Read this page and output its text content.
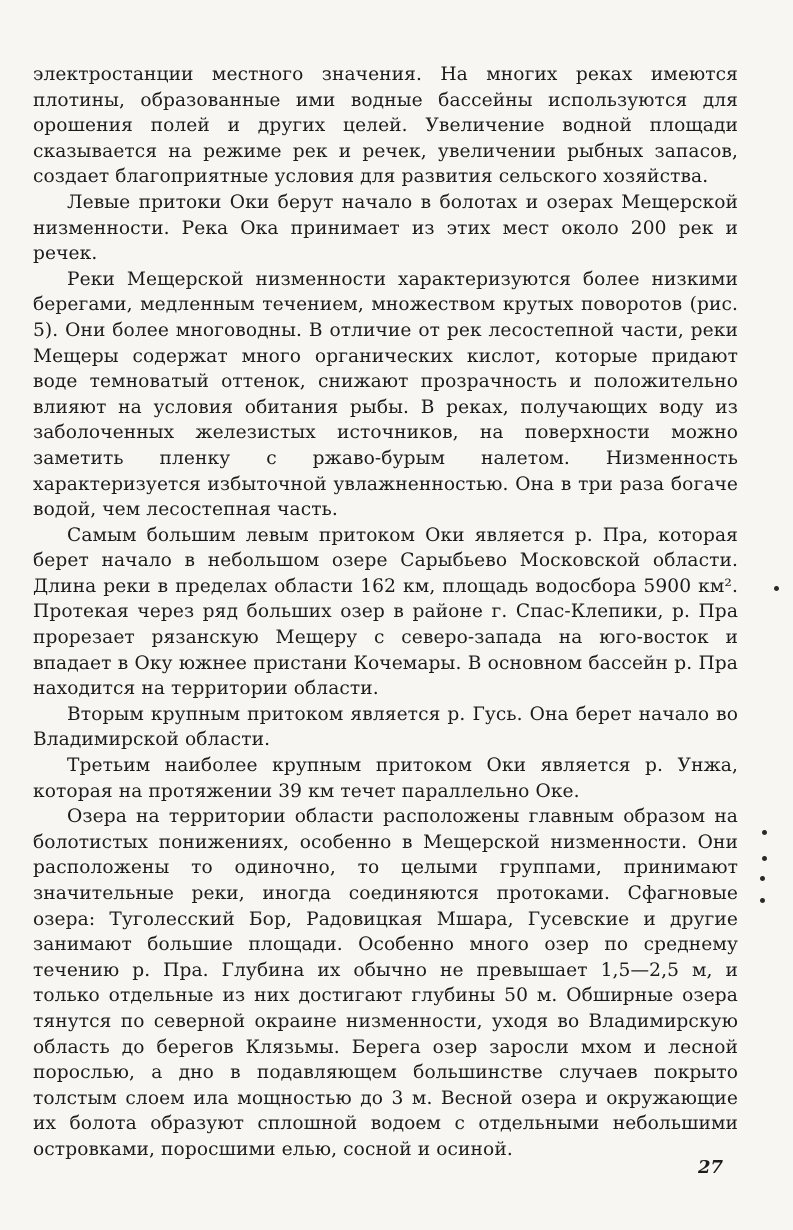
электростанции местного значения. На многих реках имеются плотины, образованные ими водные бассейны используются для орошения полей и других целей. Увеличение водной площади сказывается на режиме рек и речек, увеличении рыбных запасов, создает благоприятные условия для развития сельского хозяйства.

Левые притоки Оки берут начало в болотах и озерах Мещерской низменности. Река Ока принимает из этих мест около 200 рек и речек.

Реки Мещерской низменности характеризуются более низкими берегами, медленным течением, множеством крутых поворотов (рис. 5). Они более многоводны. В отличие от рек лесостепной части, реки Мещеры содержат много органических кислот, которые придают воде темноватый оттенок, снижают прозрачность и положительно влияют на условия обитания рыбы. В реках, получающих воду из заболоченных железистых источников, на поверхности можно заметить пленку с ржаво-бурым налетом. Низменность характеризуется избыточной увлажненностью. Она в три раза богаче водой, чем лесостепная часть.

Самым большим левым притоком Оки является р. Пра, которая берет начало в небольшом озере Сарыбьево Московской области. Длина реки в пределах области 162 км, площадь водосбора 5900 км². Протекая через ряд больших озер в районе г. Спас-Клепики, р. Пра прорезает рязанскую Мещеру с северо-запада на юго-восток и впадает в Оку южнее пристани Кочемары. В основном бассейн р. Пра находится на территории области.

Вторым крупным притоком является р. Гусь. Она берет начало во Владимирской области.

Третьим наиболее крупным притоком Оки является р. Унжа, которая на протяжении 39 км течет параллельно Оке.

Озера на территории области расположены главным образом на болотистых понижениях, особенно в Мещерской низменности. Они расположены то одиночно, то целыми группами, принимают значительные реки, иногда соединяются протоками. Сфагновые озера: Туголесский Бор, Радовицкая Мшара, Гусевские и другие занимают большие площади. Особенно много озер по среднему течению р. Пра. Глубина их обычно не превышает 1,5—2,5 м, и только отдельные из них достигают глубины 50 м. Обширные озера тянутся по северной окраине низменности, уходя во Владимирскую область до берегов Клязьмы. Берега озер заросли мхом и лесной порослью, а дно в подавляющем большинстве случаев покрыто толстым слоем ила мощностью до 3 м. Весной озера и окружающие их болота образуют сплошной водоем с отдельными небольшими островками, поросшими елью, сосной и осиной.

27
